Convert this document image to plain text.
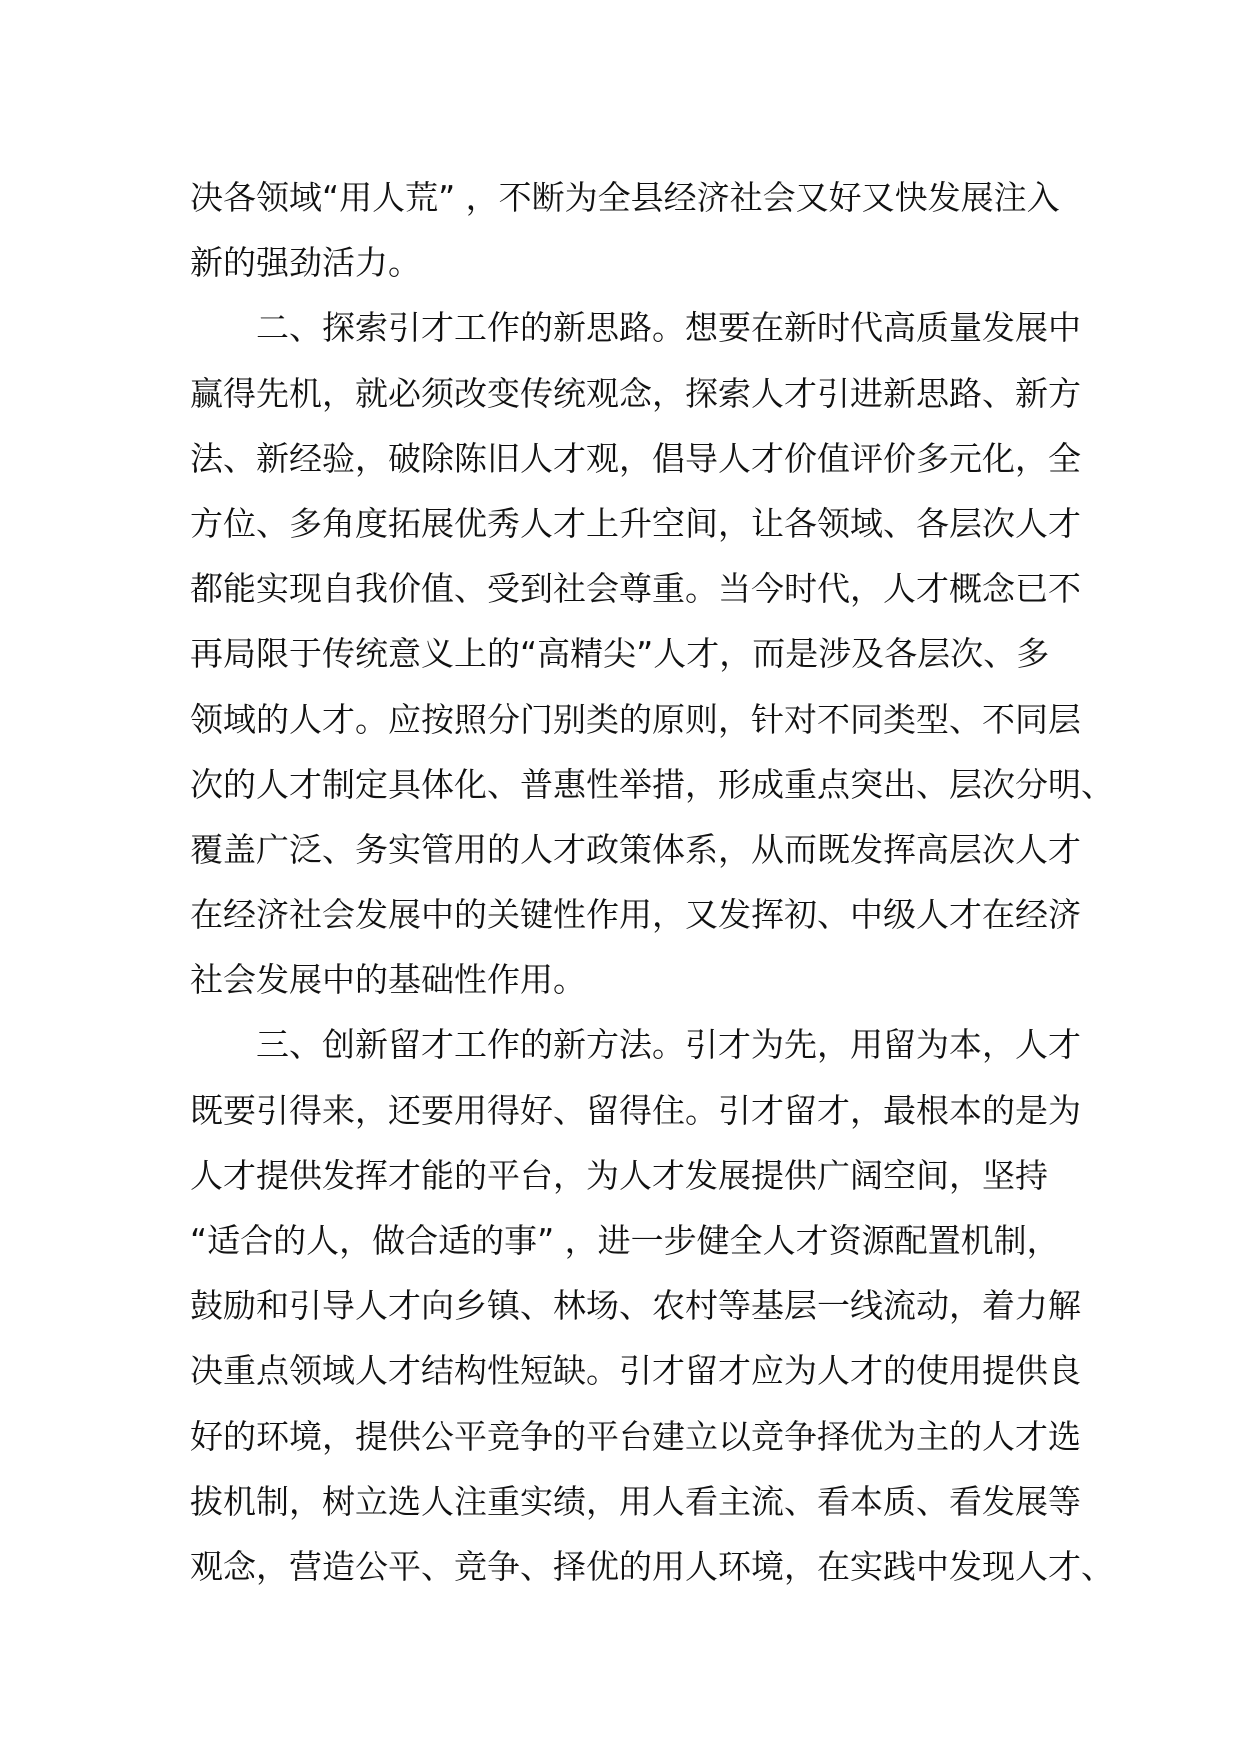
决各领域“用人荒” ，不断为全县经济社会又好又快发展注入
新的强劲活力。
　　二、探索引才工作的新思路。想要在新时代高质量发展中
赢得先机，就必须改变传统观念，探索人才引进新思路、新方
法、新经验，破除陈旧人才观，倡导人才价值评价多元化，全
方位、多角度拓展优秀人才上升空间，让各领域、各层次人才
都能实现自我价值、受到社会尊重。当今时代，人才概念已不
再局限于传统意义上的“高精尖”人才，而是涉及各层次、多
领域的人才。应按照分门别类的原则，针对不同类型、不同层
次的人才制定具体化、普惠性举措，形成重点突出、层次分明、
覆盖广泛、务实管用的人才政策体系，从而既发挥高层次人才
在经济社会发展中的关键性作用，又发挥初、中级人才在经济
社会发展中的基础性作用。
　　三、创新留才工作的新方法。引才为先，用留为本，人才
既要引得来，还要用得好、留得住。引才留才，最根本的是为
人才提供发挥才能的平台，为人才发展提供广阔空间，坚持
“适合的人，做合适的事” ，进一步健全人才资源配置机制，
鼓励和引导人才向乡镇、林场、农村等基层一线流动，着力解
决重点领域人才结构性短缺。引才留才应为人才的使用提供良
好的环境，提供公平竞争的平台建立以竞争择优为主的人才选
拔机制，树立选人注重实绩，用人看主流、看本质、看发展等
观念，营造公平、竞争、择优的用人环境，在实践中发现人才、
